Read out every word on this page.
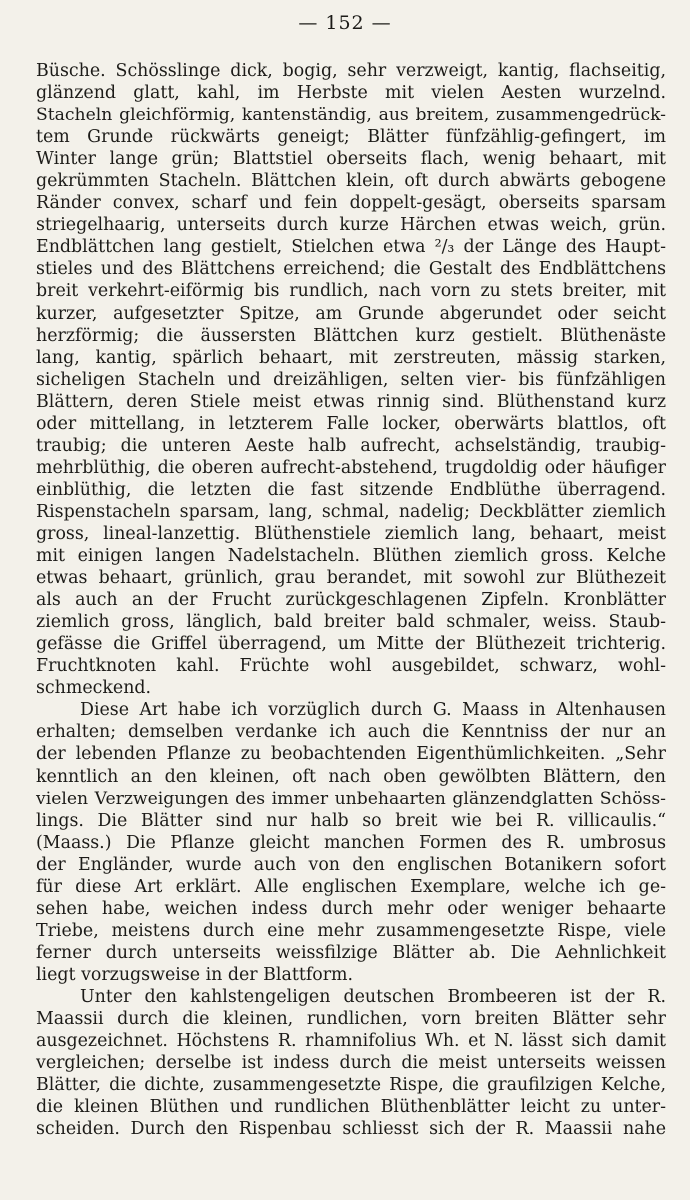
— 152 —
Büsche. Schösslinge dick, bogig, sehr verzweigt, kantig, flachseitig,
glänzend glatt, kahl, im Herbste mit vielen Aesten wurzelnd.
Stacheln gleichförmig, kantenständig, aus breitem, zusammengedrück-
tem Grunde rückwärts geneigt; Blätter fünfzählig-gefingert, im
Winter lange grün; Blattstiel oberseits flach, wenig behaart, mit
gekrümmten Stacheln. Blättchen klein, oft durch abwärts gebogene
Ränder convex, scharf und fein doppelt-gesägt, oberseits sparsam
striegelhaarig, unterseits durch kurze Härchen etwas weich, grün.
Endblättchen lang gestielt, Stielchen etwa ²/₃ der Länge des Haupt-
stieles und des Blättchens erreichend; die Gestalt des Endblättchens
breit verkehrt-eiförmig bis rundlich, nach vorn zu stets breiter, mit
kurzer, aufgesetzter Spitze, am Grunde abgerundet oder seicht
herzförmig; die äussersten Blättchen kurz gestielt. Blüthenäste
lang, kantig, spärlich behaart, mit zerstreuten, mässig starken,
sicheligen Stacheln und dreizähligen, selten vier- bis fünfzähligen
Blättern, deren Stiele meist etwas rinnig sind. Blüthenstand kurz
oder mittellang, in letzterem Falle locker, oberwärts blattlos, oft
traubig; die unteren Aeste halb aufrecht, achselständig, traubig-
mehrblüthig, die oberen aufrecht-abstehend, trugdoldig oder häufiger
einblüthig, die letzten die fast sitzende Endblüthe überragend.
Rispenstacheln sparsam, lang, schmal, nadelig; Deckblätter ziemlich
gross, lineal-lanzettig. Blüthenstiele ziemlich lang, behaart, meist
mit einigen langen Nadelstacheln. Blüthen ziemlich gross. Kelche
etwas behaart, grünlich, grau berandet, mit sowohl zur Blüthezeit
als auch an der Frucht zurückgeschlagenen Zipfeln. Kronblätter
ziemlich gross, länglich, bald breiter bald schmaler, weiss. Staub-
gefässe die Griffel überragend, um Mitte der Blüthezeit trichterig.
Fruchtknoten kahl. Früchte wohl ausgebildet, schwarz, wohl-
schmeckend.
Diese Art habe ich vorzüglich durch G. Maass in Altenhausen
erhalten; demselben verdanke ich auch die Kenntniss der nur an
der lebenden Pflanze zu beobachtenden Eigenthümlichkeiten. „Sehr
kenntlich an den kleinen, oft nach oben gewölbten Blättern, den
vielen Verzweigungen des immer unbehaarten glänzendglatten Schöss-
lings. Die Blätter sind nur halb so breit wie bei R. villicaulis.“
(Maass.) Die Pflanze gleicht manchen Formen des R. umbrosus
der Engländer, wurde auch von den englischen Botanikern sofort
für diese Art erklärt. Alle englischen Exemplare, welche ich ge-
sehen habe, weichen indess durch mehr oder weniger behaarte
Triebe, meistens durch eine mehr zusammengesetzte Rispe, viele
ferner durch unterseits weissfilzige Blätter ab. Die Aehnlichkeit
liegt vorzugsweise in der Blattform.
Unter den kahlstengeligen deutschen Brombeeren ist der R.
Maassii durch die kleinen, rundlichen, vorn breiten Blätter sehr
ausgezeichnet. Höchstens R. rhamnifolius Wh. et N. lässt sich damit
vergleichen; derselbe ist indess durch die meist unterseits weissen
Blätter, die dichte, zusammengesetzte Rispe, die graufilzigen Kelche,
die kleinen Blüthen und rundlichen Blüthenblätter leicht zu unter-
scheiden. Durch den Rispenbau schliesst sich der R. Maassii nahe
